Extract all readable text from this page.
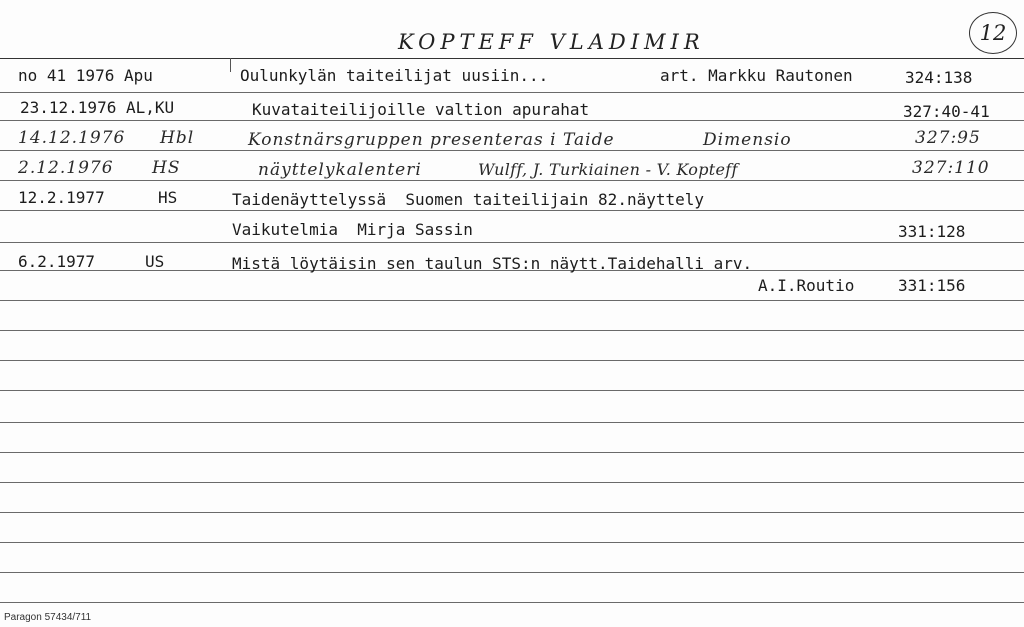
KOPTEFF VLADIMIR	12
no 41 1976 Apu	Oulunkylän taiteilijat uusiin...	art. Markku Rautonen	324:138
23.12.1976 AL,KU	Kuvataiteilijoille valtion apurahat	327:40-41
14.12.1976 Hbl	Konstnärsgruppen presenteras i Taide	Dimensio	327:95
2.12.1976 HS	näyttelykalenteri	Wulff, J. Turkiainen - V. Kopteff	327:110
12.2.1977	HS	Taidenäyttelyssä  Suomen taiteilijain 82.näyttely
Vaikutelmia  Mirja Sassin	331:128
6.2.1977	US	Mistä löytäisin sen taulun STS:n näytt.Taidehalli arv.
A.I.Routio	331:156
Paragon 57434/711
